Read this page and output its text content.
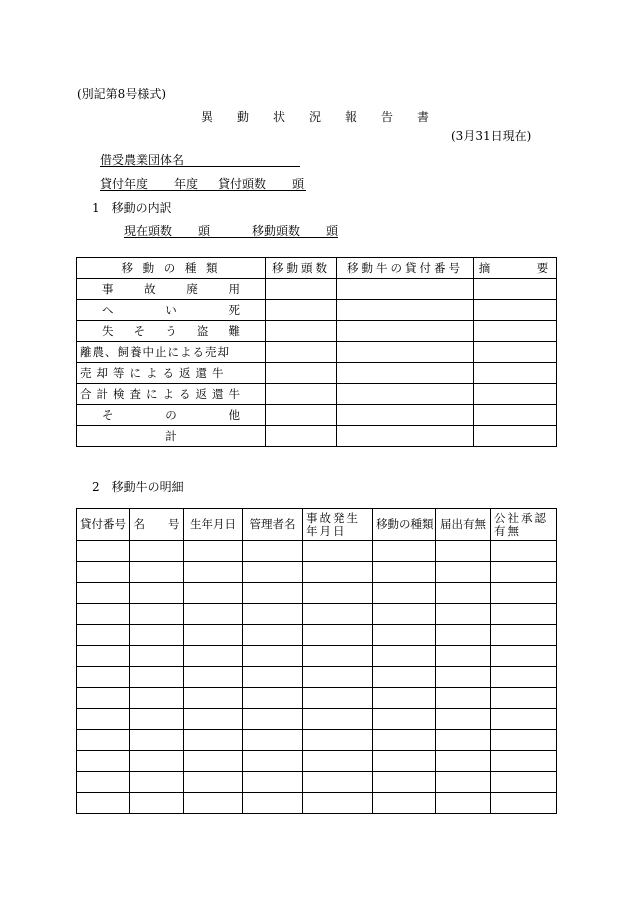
(別記第8号様式)
異　　動　　状　　況　　報　　告　　書
(3月31日現在)
借受農業団体名
貸付年度 年度 貸付頭数 頭
1　移動の内訳
現在頭数 頭	移動頭数 頭
移 動 の 種 類	移動頭数	移動牛の貸付番号	摘　　　要

事 故 廃 用			

へ い 死			

失 そ う 盗 難			

離農、飼養中止による売却			
売却等による返還牛			
合計検査による返還牛			

そ の 他			

計			
2　移動牛の明細
貸付番号	名　　号	生年月日	管理者名	事故発生年月日	移動の種類	届出有無	公社承認有無
